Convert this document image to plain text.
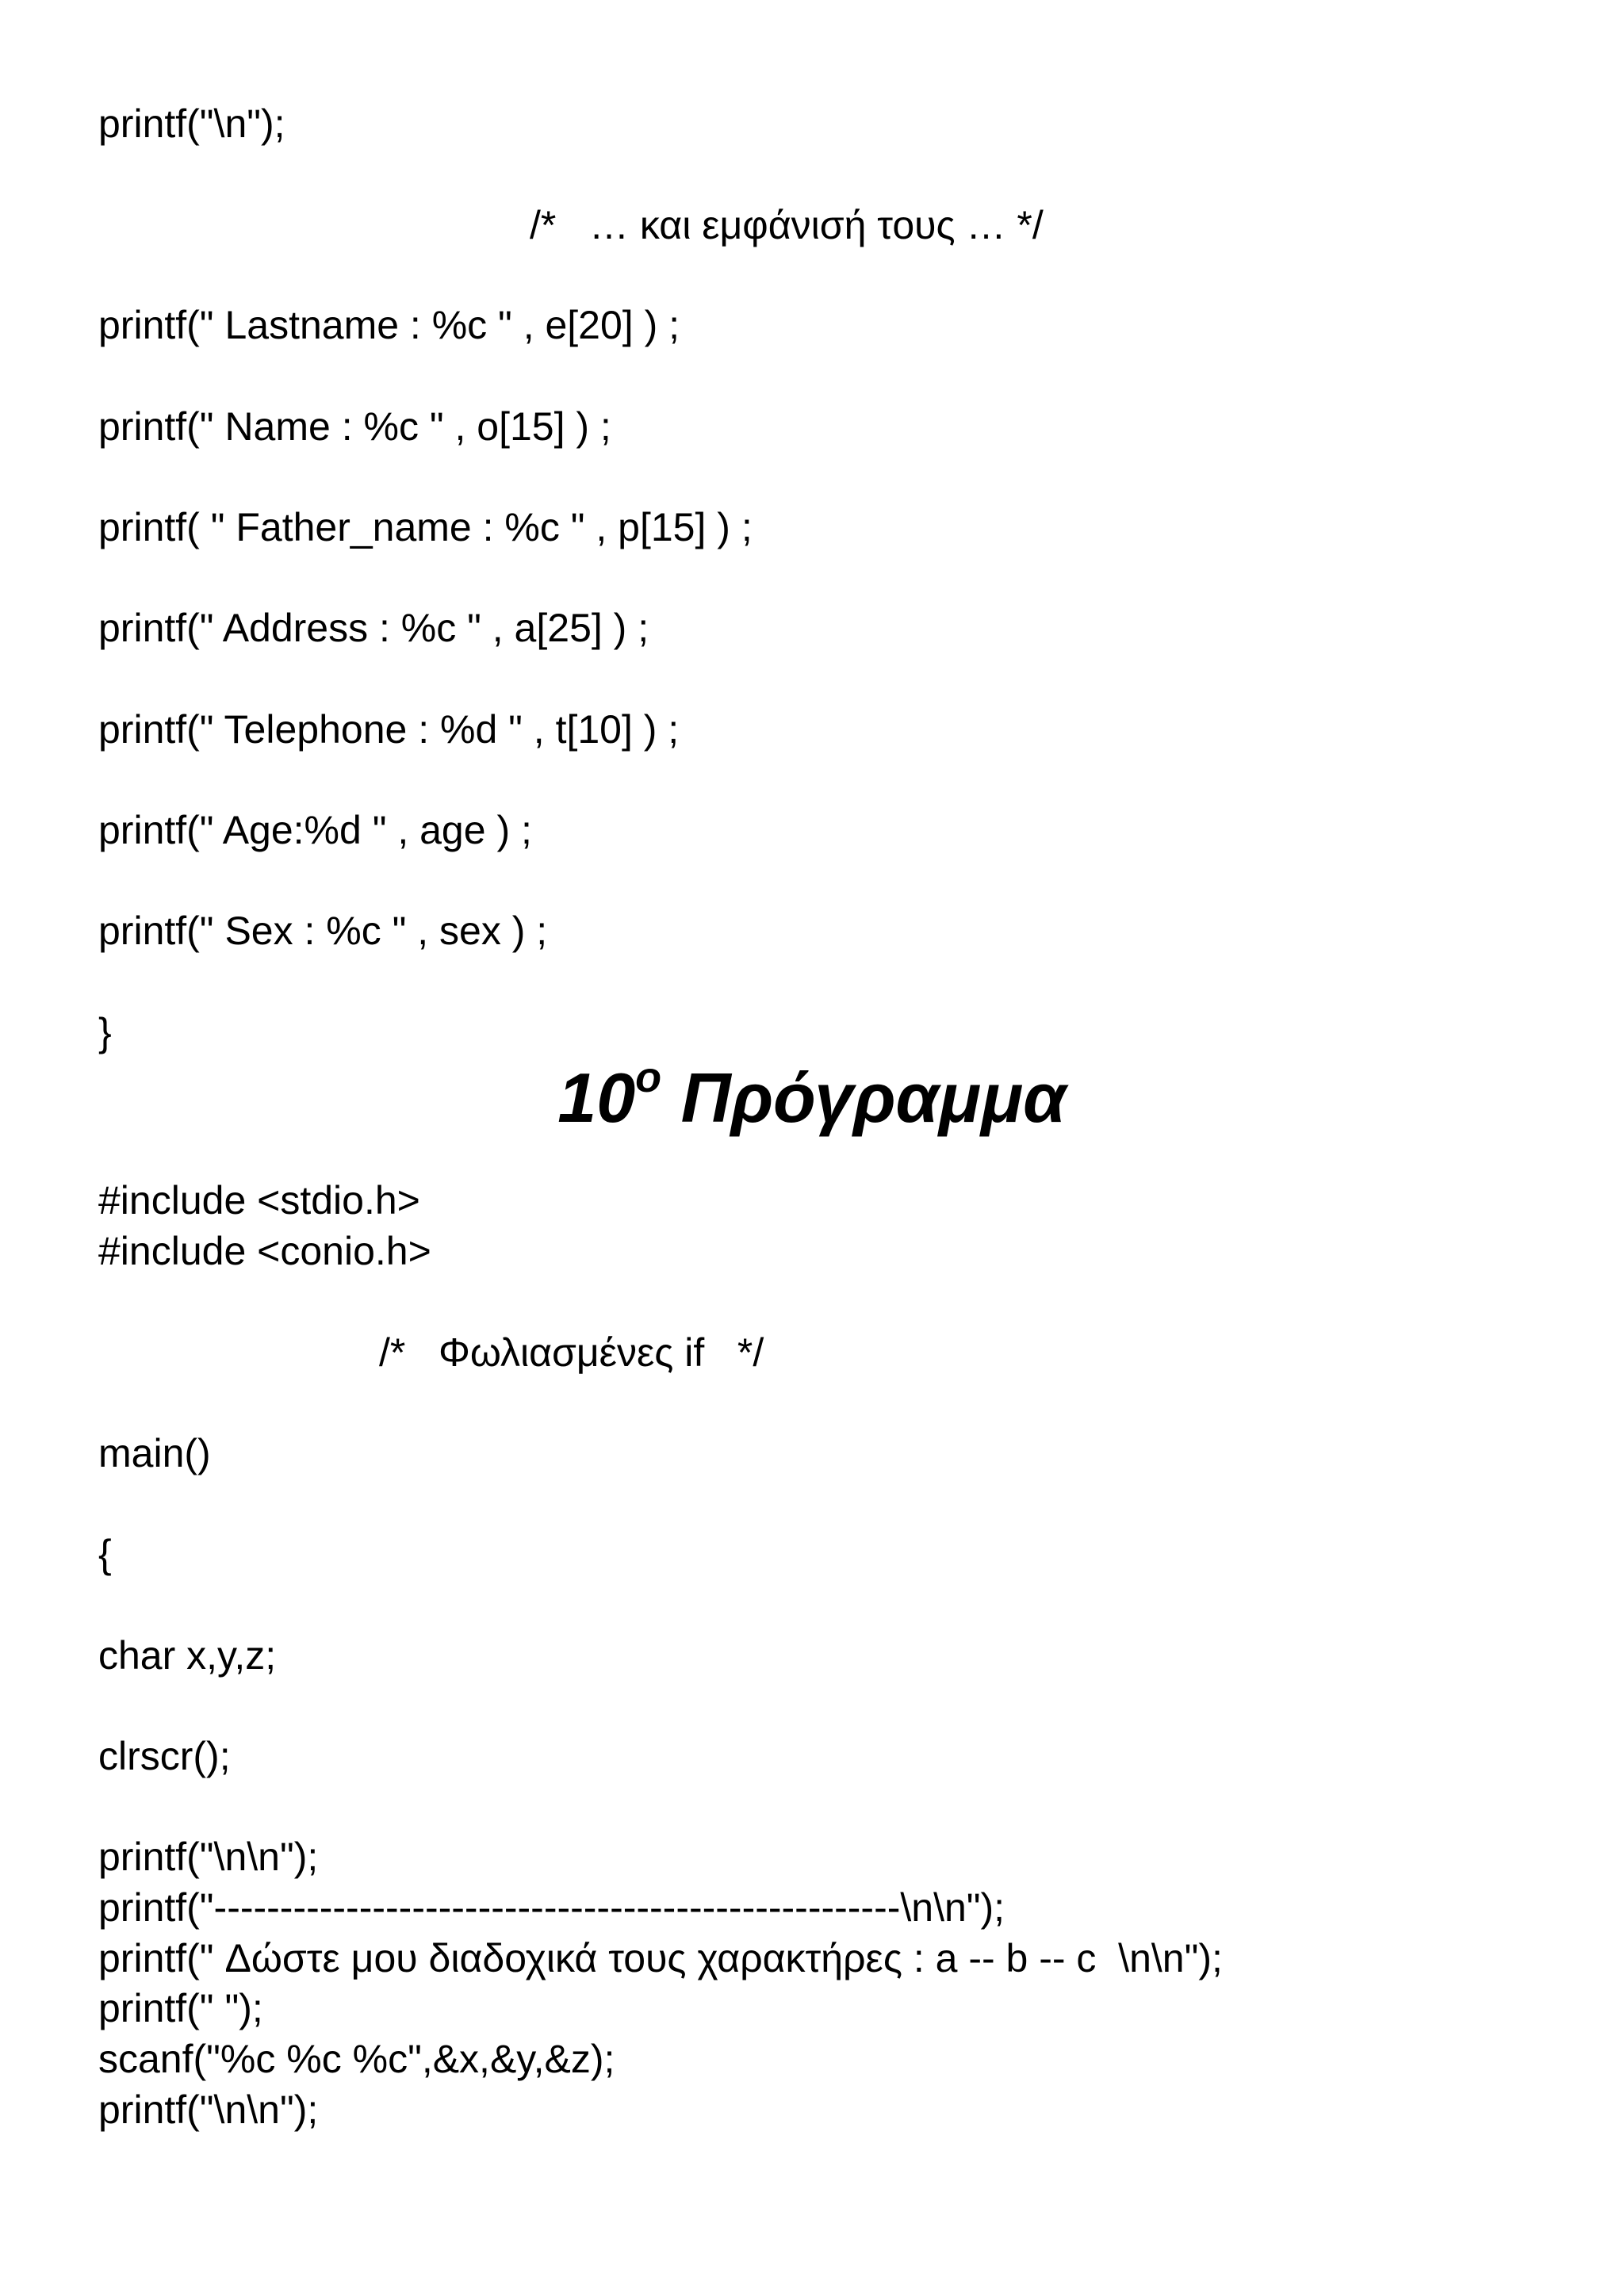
printf("\n");
/*   … και εμφάνισή τους … */
printf(" Lastname : %c " , e[20] ) ;
printf(" Name : %c " , o[15] ) ;
printf( " Father_name : %c " , p[15] ) ;
printf(" Address : %c " , a[25] ) ;
printf(" Telephone : %d " , t[10] ) ;
printf(" Age:%d " , age ) ;
printf(" Sex : %c " , sex ) ;
}
$10^o$ Πρόγραμμα
#include <stdio.h>
#include <conio.h>
/*   Φωλιασμένες if   */
main()
{
char x,y,z;
clrscr();
printf("\n\n");
printf("----------------------------------------------------\n\n");
printf(" Δώστε μου διαδοχικά τους χαρακτήρες : a -- b -- c  \n\n");
printf(" ");
scanf("%c %c %c",&x,&y,&z);
printf("\n\n");
